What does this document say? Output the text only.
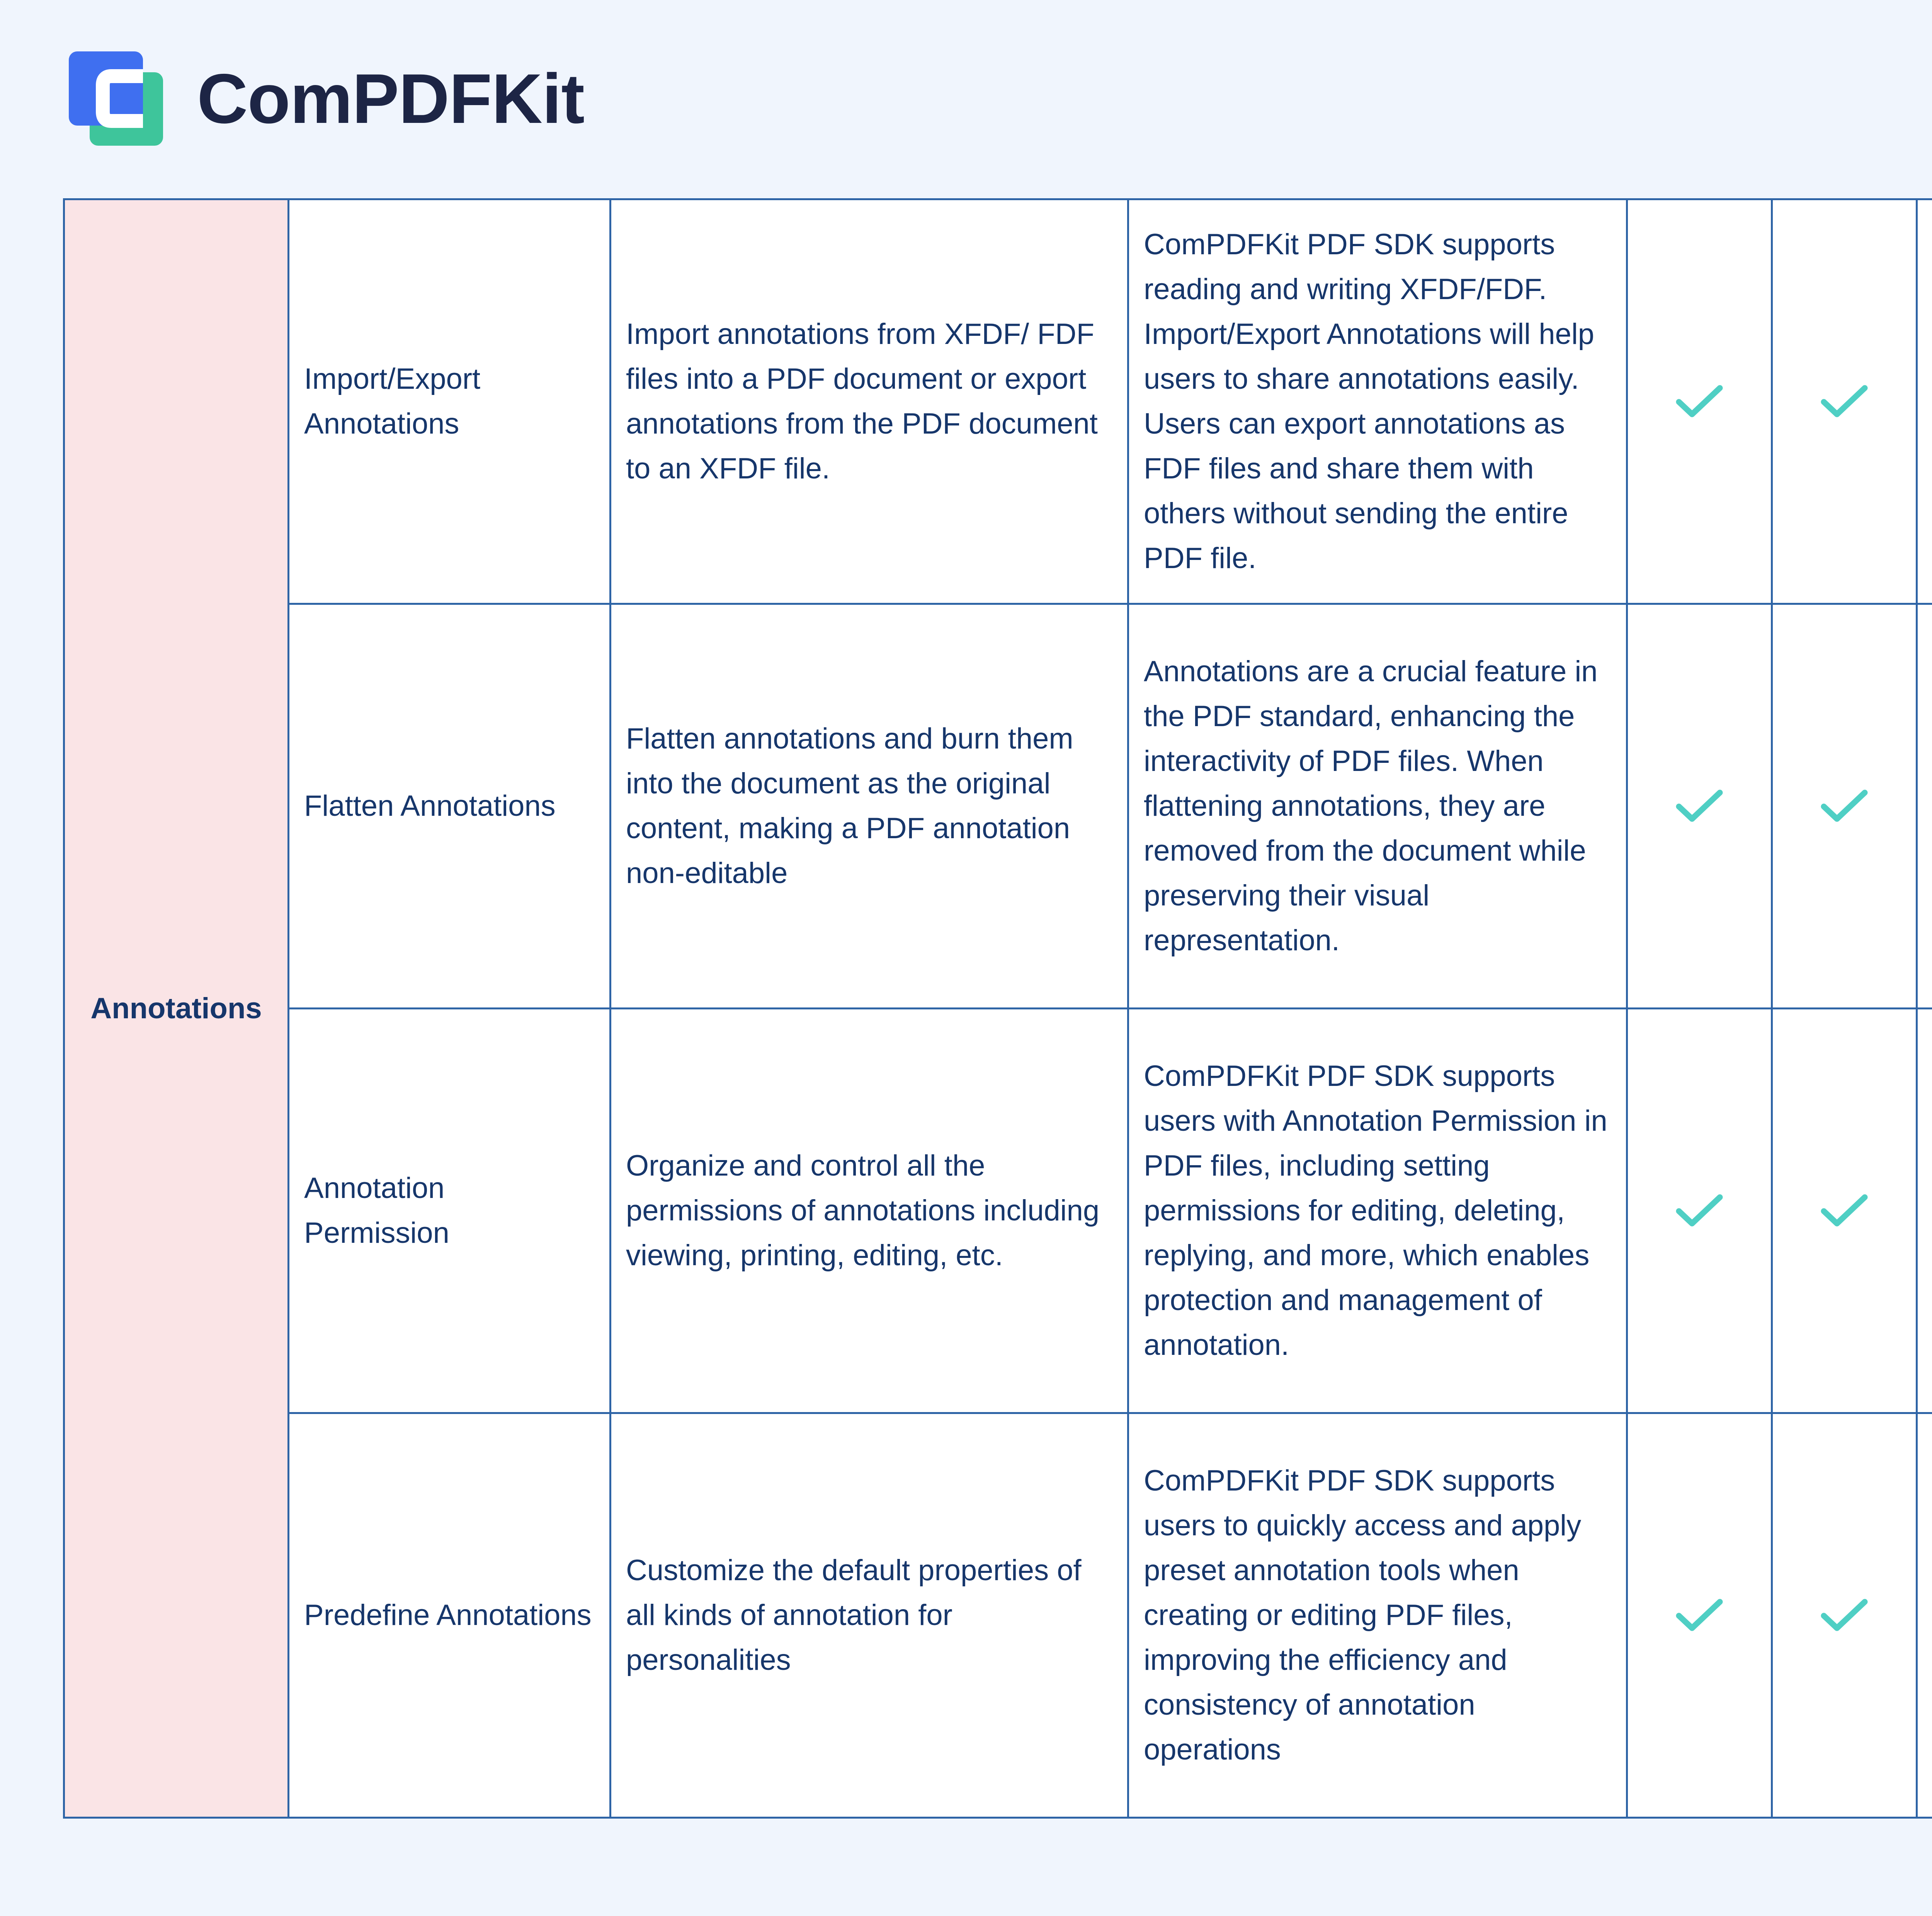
ComPDFKit
Annotations	Import/Export Annotations	Import annotations from XFDF/ FDF files into a PDF document or export annotations from the PDF document to an XFDF file.	ComPDFKit PDF SDK supports reading and writing XFDF/FDF. Import/Export Annotations will help users to share annotations easily. Users can export annotations as FDF files and share them with others without sending the entire PDF file.

	Flatten Annotations	Flatten annotations and burn them into the document as the original content, making a PDF annotation non-editable	Annotations are a crucial feature in the PDF standard, enhancing the interactivity of PDF files. When flattening annotations, they are removed from the document while preserving their visual representation.

	Annotation Permission	Organize and control all the permissions of annotations including viewing, printing, editing, etc.	ComPDFKit PDF SDK supports users with Annotation Permission in PDF files, including setting permissions for editing, deleting, replying, and more, which enables protection and management of annotation.

	Predefine Annotations	Customize the default properties of all kinds of annotation for personalities	ComPDFKit PDF SDK supports users to quickly access and apply preset annotation tools when creating or editing PDF files, improving the efficiency and consistency of annotation operations
